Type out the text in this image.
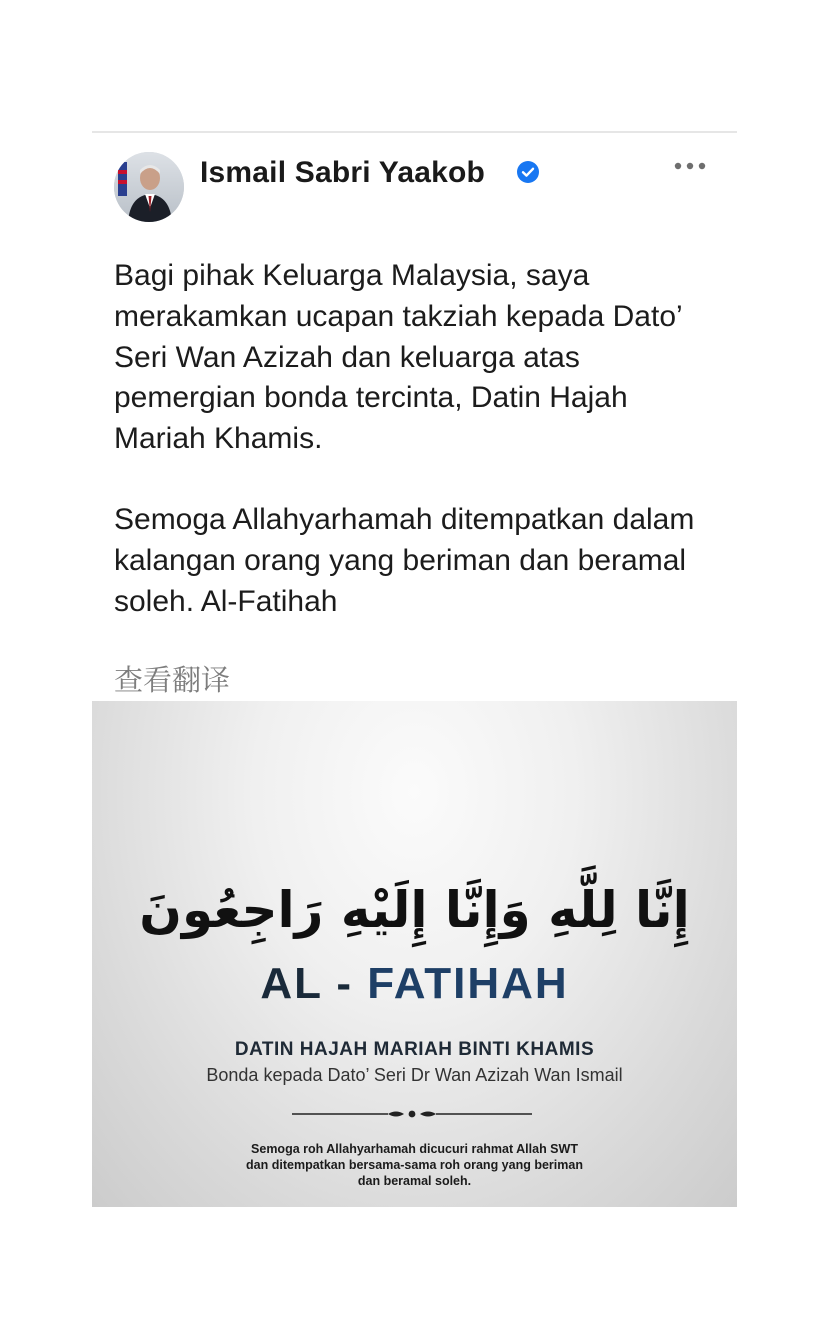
Ismail Sabri Yaakob

Bagi pihak Keluarga Malaysia, saya merakamkan ucapan takziah kepada Dato’ Seri Wan Azizah dan keluarga atas pemergian bonda tercinta, Datin Hajah Mariah Khamis.

Semoga Allahyarhamah ditempatkan dalam kalangan orang yang beriman dan beramal soleh. Al-Fatihah

查看翻译
إِنَّا لِلَّهِ وَإِنَّا إِلَيْهِ رَاجِعُونَ
AL - FATIHAH
DATIN HAJAH MARIAH BINTI KHAMIS
Bonda kepada Dato’ Seri Dr Wan Azizah Wan Ismail
Semoga roh Allahyarhamah dicucuri rahmat Allah SWT
dan ditempatkan bersama-sama roh orang yang beriman
dan beramal soleh.
